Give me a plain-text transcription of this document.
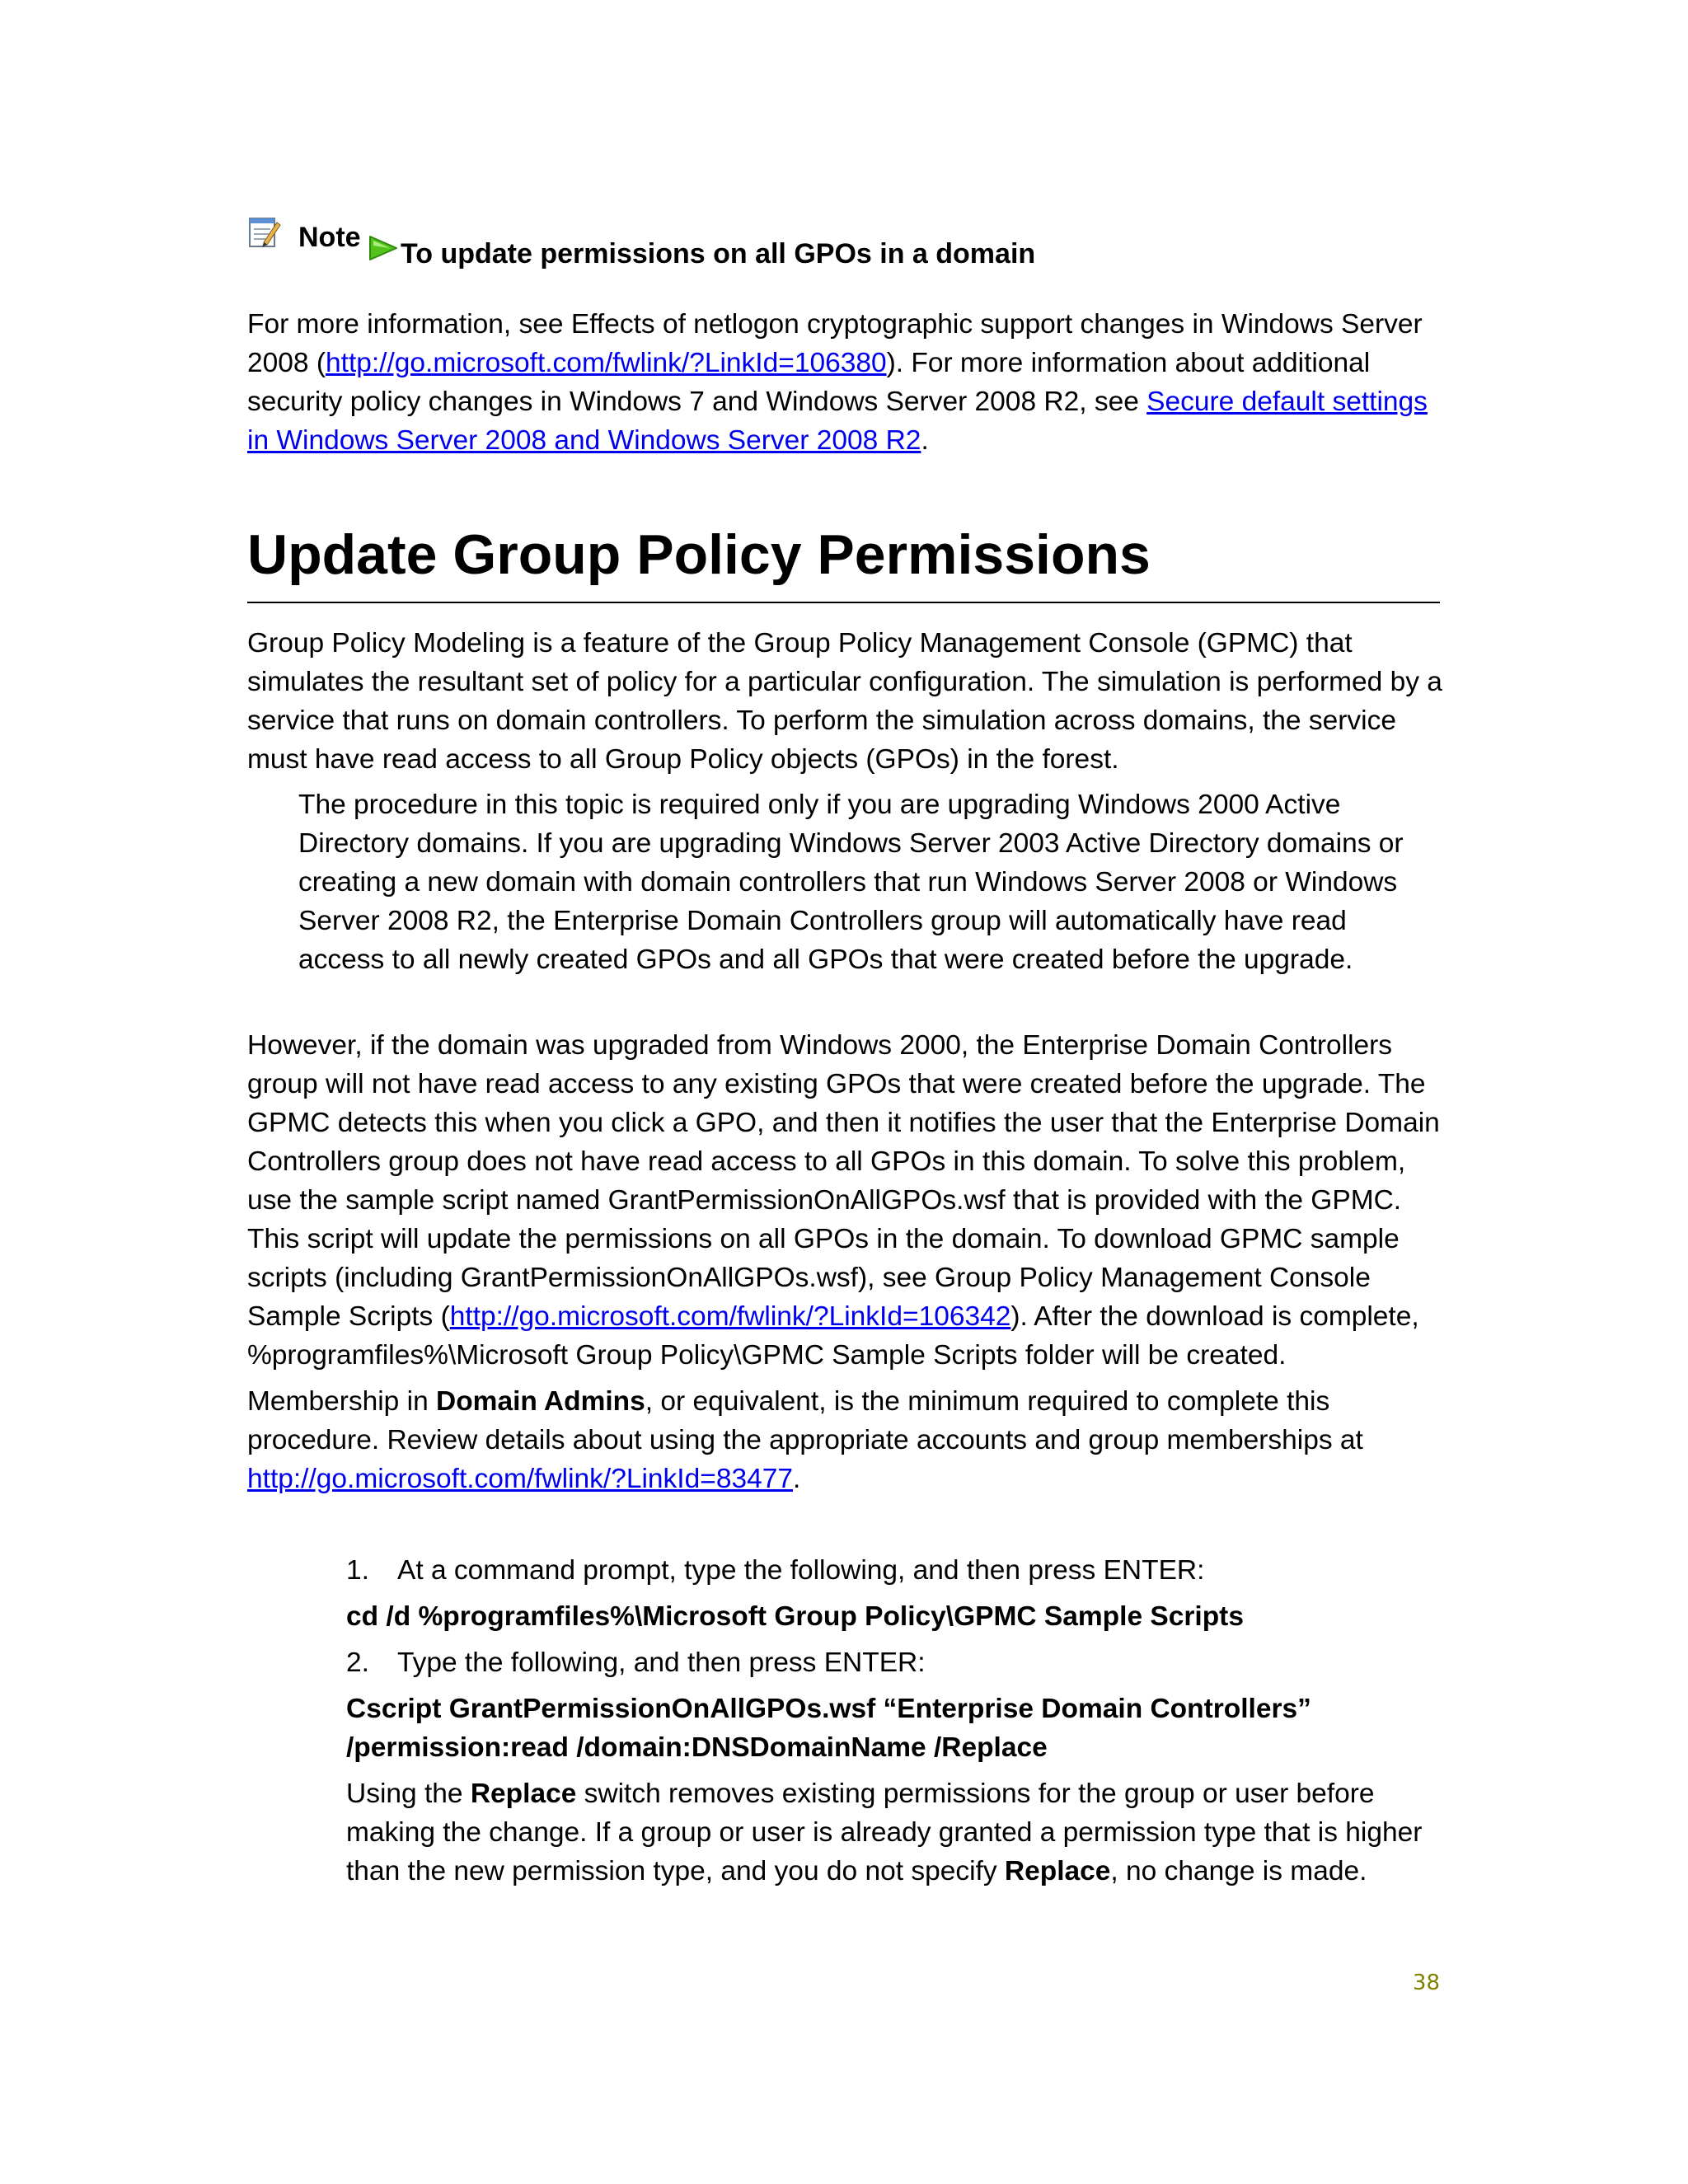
Note
To update permissions on all GPOs in a domain

For more information, see Effects of netlogon cryptographic support changes in Windows Server 2008 (http://go.microsoft.com/fwlink/?LinkId=106380). For more information about additional security policy changes in Windows 7 and Windows Server 2008 R2, see Secure default settings in Windows Server 2008 and Windows Server 2008 R2.

Update Group Policy Permissions

Group Policy Modeling is a feature of the Group Policy Management Console (GPMC) that simulates the resultant set of policy for a particular configuration. The simulation is performed by a service that runs on domain controllers. To perform the simulation across domains, the service must have read access to all Group Policy objects (GPOs) in the forest.

The procedure in this topic is required only if you are upgrading Windows 2000 Active Directory domains. If you are upgrading Windows Server 2003 Active Directory domains or creating a new domain with domain controllers that run Windows Server 2008 or Windows Server 2008 R2, the Enterprise Domain Controllers group will automatically have read access to all newly created GPOs and all GPOs that were created before the upgrade.

However, if the domain was upgraded from Windows 2000, the Enterprise Domain Controllers group will not have read access to any existing GPOs that were created before the upgrade. The GPMC detects this when you click a GPO, and then it notifies the user that the Enterprise Domain Controllers group does not have read access to all GPOs in this domain. To solve this problem, use the sample script named GrantPermissionOnAllGPOs.wsf that is provided with the GPMC. This script will update the permissions on all GPOs in the domain. To download GPMC sample scripts (including GrantPermissionOnAllGPOs.wsf), see Group Policy Management Console Sample Scripts (http://go.microsoft.com/fwlink/?LinkId=106342). After the download is complete, %programfiles%\Microsoft Group Policy\GPMC Sample Scripts folder will be created.

Membership in Domain Admins, or equivalent, is the minimum required to complete this procedure. Review details about using the appropriate accounts and group memberships at http://go.microsoft.com/fwlink/?LinkId=83477.

1. At a command prompt, type the following, and then press ENTER:

cd /d %programfiles%\Microsoft Group Policy\GPMC Sample Scripts

2. Type the following, and then press ENTER:

Cscript GrantPermissionOnAllGPOs.wsf “Enterprise Domain Controllers” /permission:read /domain:DNSDomainName /Replace

Using the Replace switch removes existing permissions for the group or user before making the change. If a group or user is already granted a permission type that is higher than the new permission type, and you do not specify Replace, no change is made.

38
